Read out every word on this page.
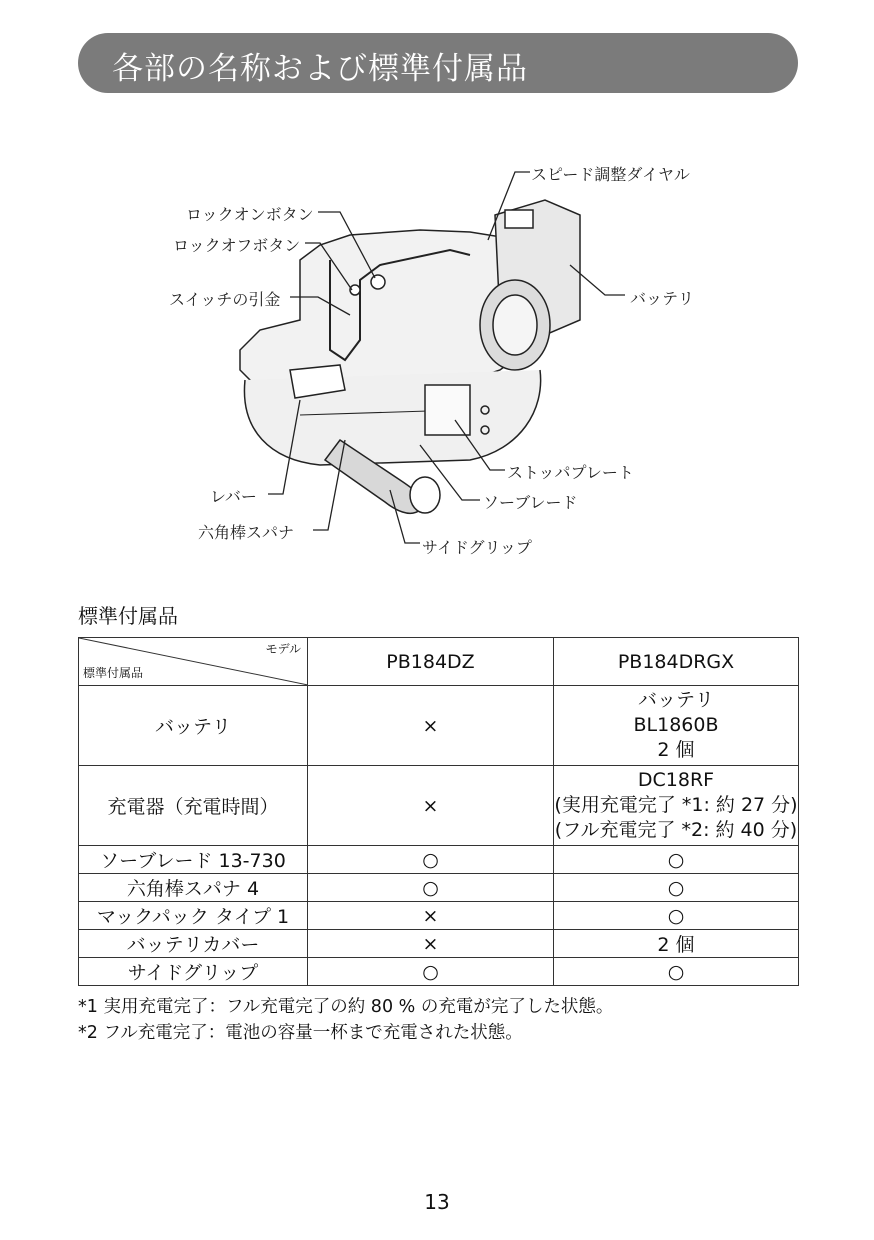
各部の名称および標準付属品
スピード調整ダイヤル
ロックオンボタン
ロックオフボタン
スイッチの引金	バッテリ
ストッパプレート
ソーブレード
レバー
六角棒スパナ
サイドグリップ
標準付属品
モデル
標準付属品	PB184DZ	PB184DRGX
バッテリ	×	バッテリ
BL1860B
2 個

充電器（充電時間）	×	DC18RF
(実用充電完了 *1: 約 27 分)
(フル充電完了 *2: 約 40 分)

ソーブレード 13-730	○	○
六角棒スパナ 4	○	○
マックパック タイプ 1	×	○
バッテリカバー	×	2 個
サイドグリップ	○	○
*1 実用充電完了：フル充電完了の約 80 % の充電が完了した状態。
*2 フル充電完了：電池の容量一杯まで充電された状態。
13
